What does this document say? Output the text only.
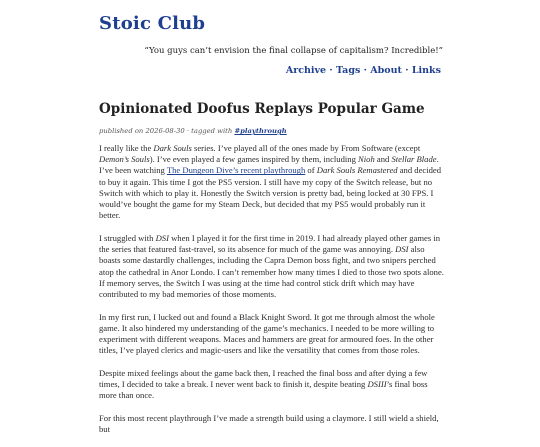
Stoic Club
“You guys can’t envision the final collapse of capitalism? Incredible!”
Archive · Tags · About · Links
Opinionated Doofus Replays Popular Game
published on 2026-08-30 · tagged with #playthrough

I really like the Dark Souls series. I’ve played all of the ones made by From Software (except Demon’s Souls). I’ve even played a few games inspired by them, including Nioh and Stellar Blade. I’ve been watching The Dungeon Dive’s recent playthrough of Dark Souls Remastered and decided to buy it again. This time I got the PS5 version. I still have my copy of the Switch release, but no Switch with which to play it. Honestly the Switch version is pretty bad, being locked at 30 FPS. I would’ve bought the game for my Steam Deck, but decided that my PS5 would probably run it better.

I struggled with DSI when I played it for the first time in 2019. I had already played other games in the series that featured fast-travel, so its absence for much of the game was annoying. DSI also boasts some dastardly challenges, including the Capra Demon boss fight, and two snipers perched atop the cathedral in Anor Londo. I can’t remember how many times I died to those two spots alone. If memory serves, the Switch I was using at the time had control stick drift which may have contributed to my bad memories of those moments.

In my first run, I lucked out and found a Black Knight Sword. It got me through almost the whole game. It also hindered my understanding of the game’s mechanics. I needed to be more willing to experiment with different weapons. Maces and hammers are great for armoured foes. In the other titles, I’ve played clerics and magic-users and like the versatility that comes from those roles.

Despite mixed feelings about the game back then, I reached the final boss and after dying a few times, I decided to take a break. I never went back to finish it, despite beating DSIII’s final boss more than once.

For this most recent playthrough I’ve made a strength build using a claymore. I still wield a shield, but
